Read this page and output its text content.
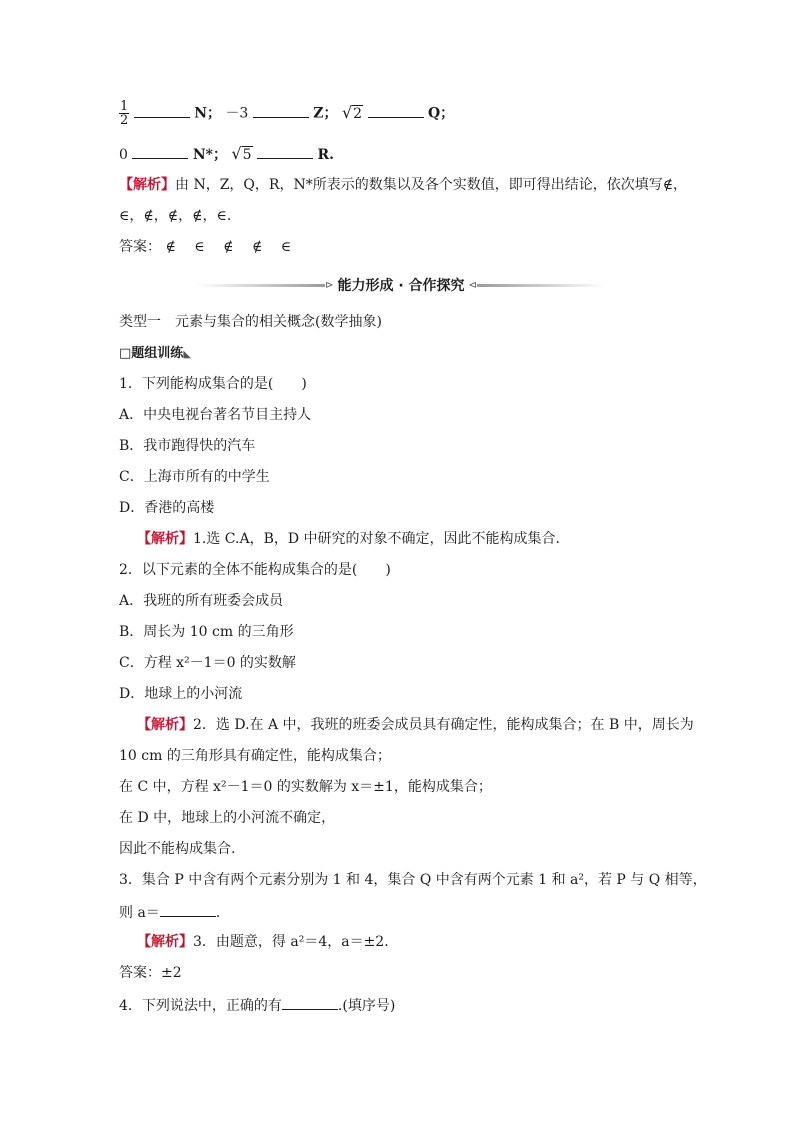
$\frac{1}{2}$	N； －3	Z； √2	Q；
0	N*； √5	R.
【解析】由 N，Z，Q，R，N*所表示的数集以及各个实数值，即可得出结论，依次填写∉，
∈，∉，∉，∉，∈.
答案： ∉ ∈ ∉ ∉ ∈
⊳ 能力形成 · 合作探究 ⊲
类型一　元素与集合的相关概念(数学抽象)
□题组训练◣
1．下列能构成集合的是(　　)
A．中央电视台著名节目主持人
B．我市跑得快的汽车
C．上海市所有的中学生
D．香港的高楼
【解析】1.选 C.A，B，D 中研究的对象不确定，因此不能构成集合.
2．以下元素的全体不能构成集合的是(　　)
A．我班的所有班委会成员
B．周长为 10 cm 的三角形
C．方程 x²－1＝0 的实数解
D．地球上的小河流
【解析】2．选 D.在 A 中，我班的班委会成员具有确定性，能构成集合；在 B 中，周长为
10 cm 的三角形具有确定性，能构成集合；
在 C 中，方程 x²－1＝0 的实数解为 x＝±1，能构成集合；
在 D 中，地球上的小河流不确定，
因此不能构成集合.
3．集合 P 中含有两个元素分别为 1 和 4，集合 Q 中含有两个元素 1 和 a²，若 P 与 Q 相等，
则 a＝	.
【解析】3．由题意，得 a²＝4，a＝±2.
答案：±2
4．下列说法中，正确的有	.(填序号)
